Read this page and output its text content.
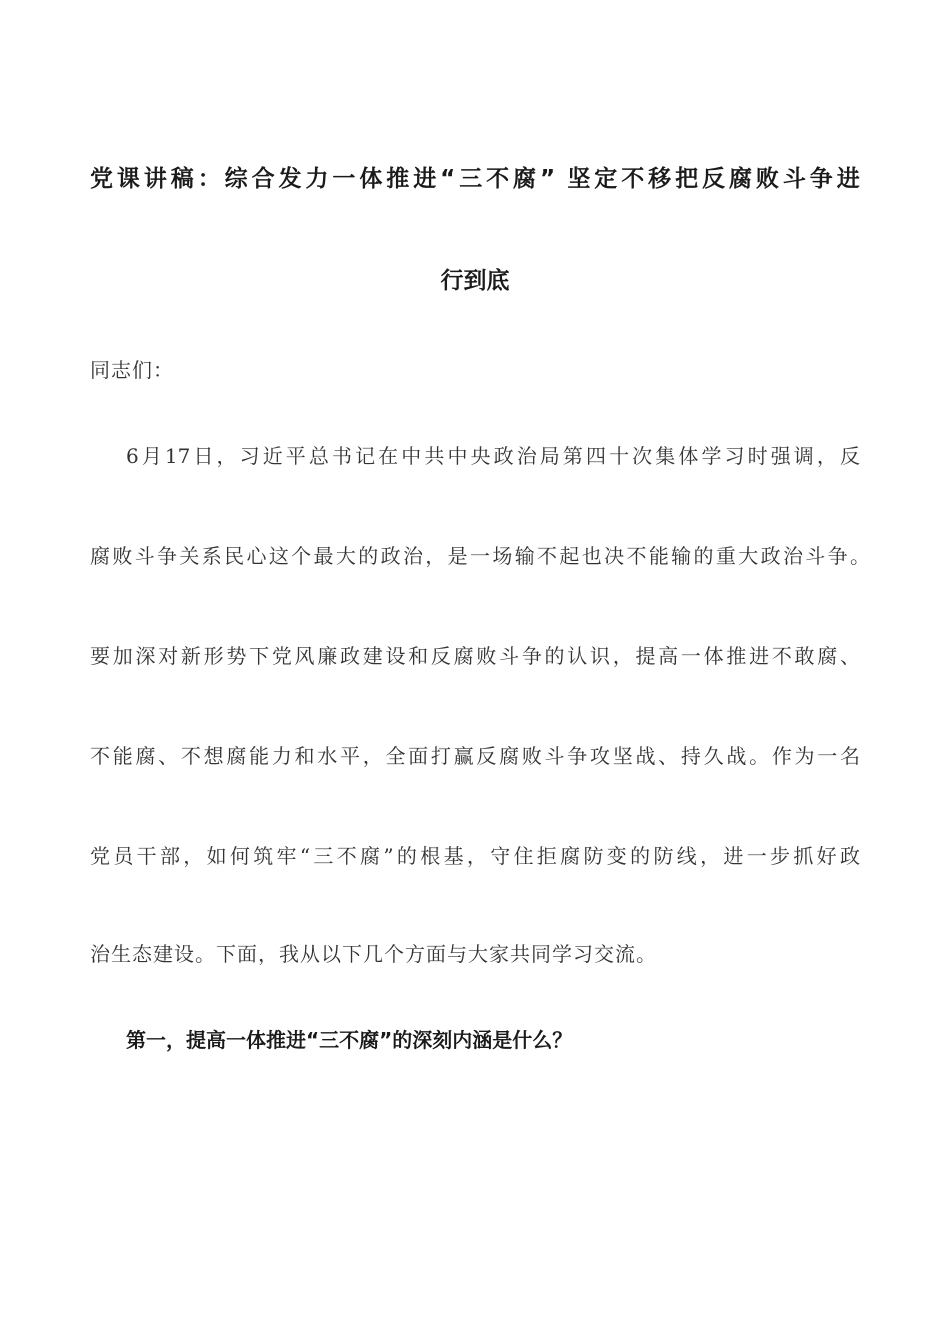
党课讲稿：综合发力一体推进“三不腐” 坚定不移把反腐败斗争进
行到底
同志们：
6月17日，习近平总书记在中共中央政治局第四十次集体学习时强调，反
腐败斗争关系民心这个最大的政治，是一场输不起也决不能输的重大政治斗争。
要加深对新形势下党风廉政建设和反腐败斗争的认识，提高一体推进不敢腐、
不能腐、不想腐能力和水平，全面打赢反腐败斗争攻坚战、持久战。作为一名
党员干部，如何筑牢“三不腐”的根基，守住拒腐防变的防线，进一步抓好政
治生态建设。下面，我从以下几个方面与大家共同学习交流。
第一，提高一体推进“三不腐”的深刻内涵是什么？
